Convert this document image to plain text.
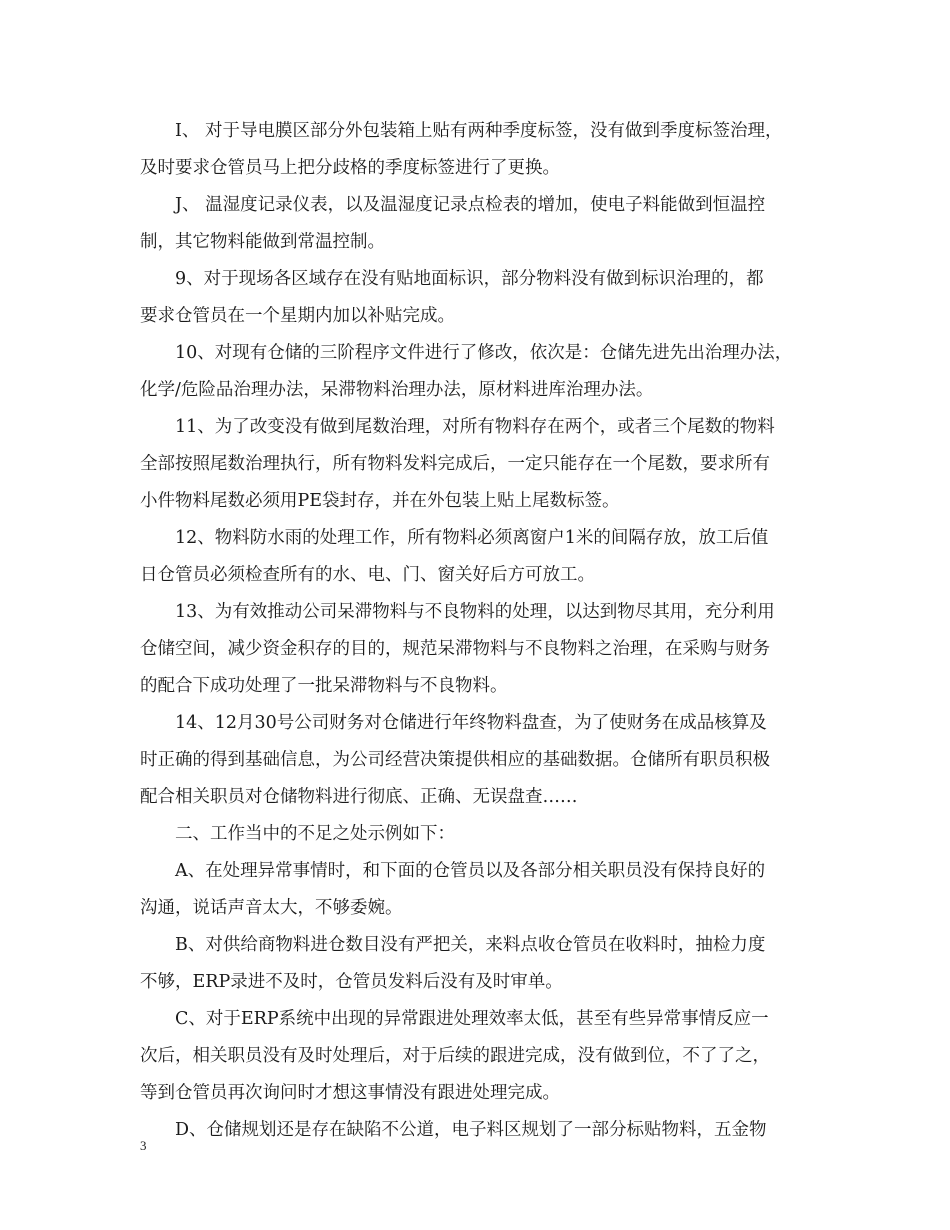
I、 对于导电膜区部分外包装箱上贴有两种季度标签，没有做到季度标签治理，
及时要求仓管员马上把分歧格的季度标签进行了更换。

J、 温湿度记录仪表，以及温湿度记录点检表的增加，使电子料能做到恒温控
制，其它物料能做到常温控制。

9、对于现场各区域存在没有贴地面标识，部分物料没有做到标识治理的，都
要求仓管员在一个星期内加以补贴完成。

10、对现有仓储的三阶程序文件进行了修改，依次是：仓储先进先出治理办法，
化学/危险品治理办法，呆滞物料治理办法，原材料进库治理办法。

11、为了改变没有做到尾数治理，对所有物料存在两个，或者三个尾数的物料
全部按照尾数治理执行，所有物料发料完成后，一定只能存在一个尾数，要求所有
小件物料尾数必须用PE袋封存，并在外包装上贴上尾数标签。

12、物料防水雨的处理工作，所有物料必须离窗户1米的间隔存放，放工后值
日仓管员必须检查所有的水、电、门、窗关好后方可放工。

13、为有效推动公司呆滞物料与不良物料的处理，以达到物尽其用，充分利用
仓储空间，减少资金积存的目的，规范呆滞物料与不良物料之治理，在采购与财务
的配合下成功处理了一批呆滞物料与不良物料。

14、12月30号公司财务对仓储进行年终物料盘查，为了使财务在成品核算及
时正确的得到基础信息，为公司经营决策提供相应的基础数据。仓储所有职员积极
配合相关职员对仓储物料进行彻底、正确、无误盘查……

二、工作当中的不足之处示例如下：

A、在处理异常事情时，和下面的仓管员以及各部分相关职员没有保持良好的
沟通，说话声音太大，不够委婉。

B、对供给商物料进仓数目没有严把关，来料点收仓管员在收料时，抽检力度
不够，ERP录进不及时，仓管员发料后没有及时审单。

C、对于ERP系统中出现的异常跟进处理效率太低，甚至有些异常事情反应一
次后，相关职员没有及时处理后，对于后续的跟进完成，没有做到位，不了了之，
等到仓管员再次询问时才想这事情没有跟进处理完成。

D、仓储规划还是存在缺陷不公道，电子料区规划了一部分标贴物料，五金物

3
